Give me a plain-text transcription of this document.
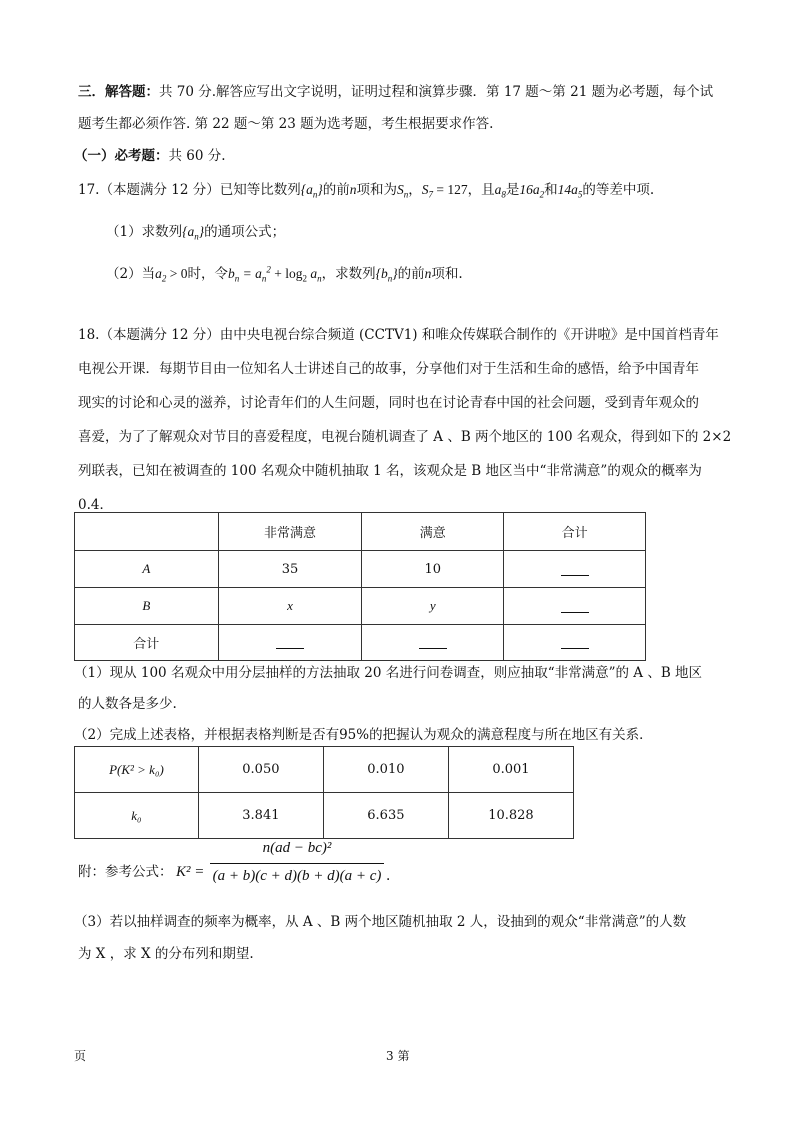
三．解答题：共 70 分.解答应写出文字说明，证明过程和演算步骤．第 17 题～第 21 题为必考题，每个试
题考生都必须作答. 第 22 题～第 23 题为选考题，考生根据要求作答.
（一）必考题：共 60 分.
17.（本题满分 12 分）已知等比数列$\{a_n\}$的前n项和为$S_n$，$S_7 = 127$，且$a_8$是$16a_2$和$14a_5$的等差中项.
（1）求数列$\{a_n\}$的通项公式；
（2）当$a_2 > 0$时，令$b_n = a_n^2 + \log_2 a_n$，求数列$\{b_n\}$的前n项和.
18.（本题满分 12 分）由中央电视台综合频道 (CCTV1) 和唯众传媒联合制作的《开讲啦》是中国首档青年
电视公开课．每期节目由一位知名人士讲述自己的故事，分享他们对于生活和生命的感悟，给予中国青年
现实的讨论和心灵的滋养，讨论青年们的人生问题，同时也在讨论青春中国的社会问题，受到青年观众的
喜爱，为了了解观众对节目的喜爱程度，电视台随机调查了 A 、B 两个地区的 100 名观众，得到如下的 2×2
列联表，已知在被调查的 100 名观众中随机抽取 1 名，该观众是 B 地区当中“非常满意”的观众的概率为
0.4．
	非常满意	满意	合计
A	35	10	
B	x	y	
合计			
（1）现从 100 名观众中用分层抽样的方法抽取 20 名进行问卷调查，则应抽取“非常满意”的 A 、B 地区
的人数各是多少.
（2）完成上述表格，并根据表格判断是否有95%的把握认为观众的满意程度与所在地区有关系．
P(K² > k₀)	0.050	0.010	0.001
k₀	3.841	6.635	10.828
附：参考公式： K² =
n(ad − bc)²
(a + b)(c + d)(b + d)(a + c) .
（3）若以抽样调查的频率为概率，从 A 、B 两个地区随机抽取 2 人，设抽到的观众“非常满意”的人数
为 X ，求 X 的分布列和期望.
页	3 第
